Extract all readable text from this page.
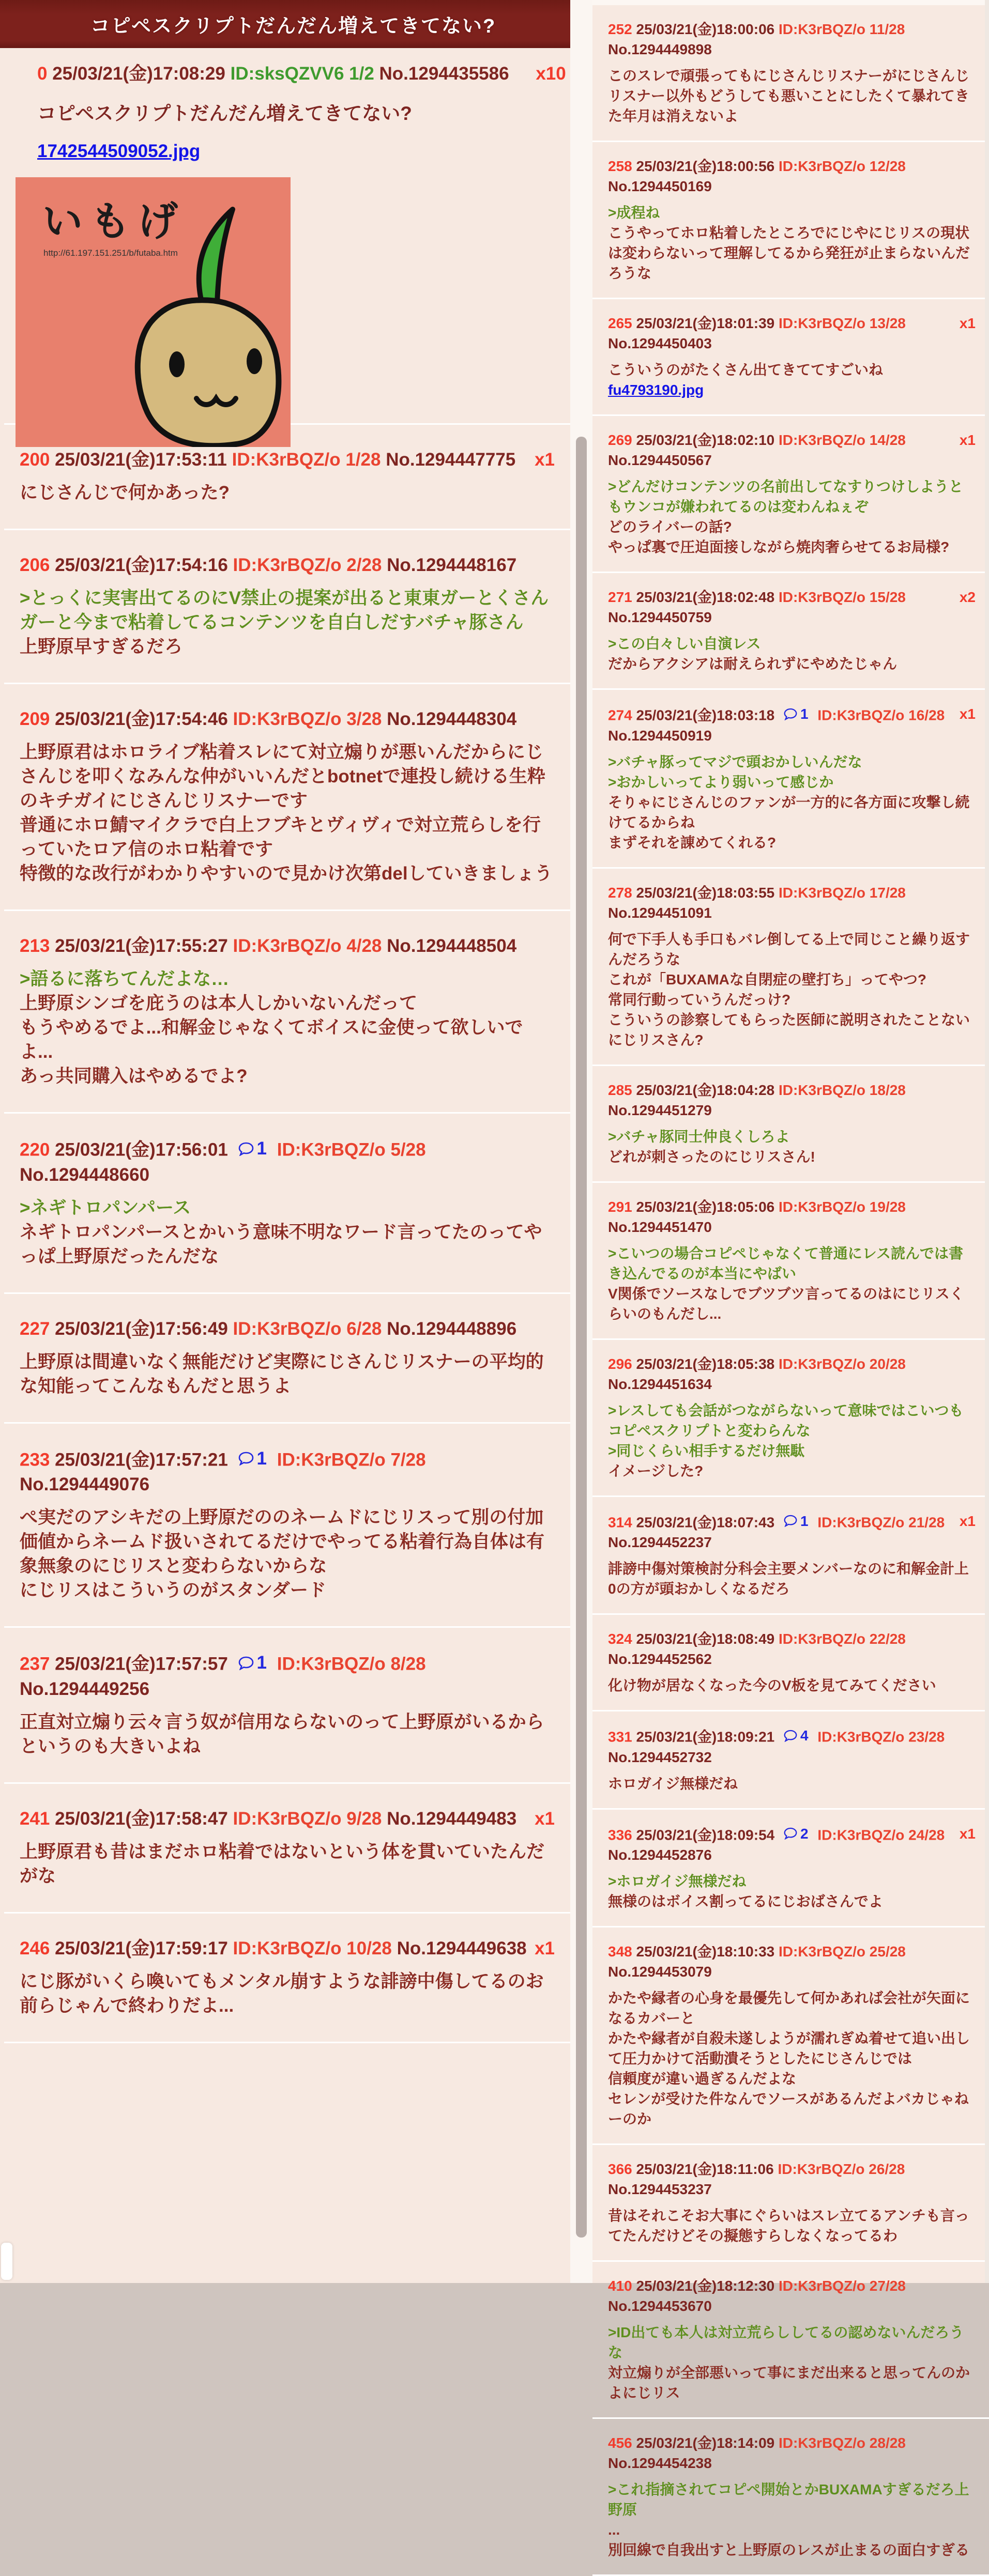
コピペスクリプトだんだん増えてきてない?
0 25/03/21(金)17:08:29 ID:sksQZVV6 1/2 No.1294435586 x10
コピペスクリプトだんだん増えてきてない?
1742544509052.jpg
いもげ
http://61.197.151.251/b/futaba.htm
x1
200 25/03/21(金)17:53:11 ID:K3rBQZ/o 1/28 No.1294447775
にじさんじで何かあった?
206 25/03/21(金)17:54:16 ID:K3rBQZ/o 2/28 No.1294448167
>とっくに実害出てるのにV禁止の提案が出ると東東ガーとくさんガーと今まで粘着してるコンテンツを自白しだすバチャ豚さん
上野原早すぎるだろ
209 25/03/21(金)17:54:46 ID:K3rBQZ/o 3/28 No.1294448304
上野原君はホロライブ粘着スレにて対立煽りが悪いんだからにじさんじを叩くなみんな仲がいいんだとbotnetで連投し続ける生粋のキチガイにじさんじリスナーです
普通にホロ鯖マイクラで白上フブキとヴィヴィで対立荒らしを行っていたロア信のホロ粘着です
特徴的な改行がわかりやすいので見かけ次第delしていきましょう
213 25/03/21(金)17:55:27 ID:K3rBQZ/o 4/28 No.1294448504
>語るに落ちてんだよな…
上野原シンゴを庇うのは本人しかいないんだって
もうやめるでよ...和解金じゃなくてボイスに金使って欲しいでよ...
あっ共同購入はやめるでよ?
220 25/03/21(金)17:56:01 1 ID:K3rBQZ/o 5/28 No.1294448660
>ネギトロパンパース
ネギトロパンパースとかいう意味不明なワード言ってたのってやっぱ上野原だったんだな
227 25/03/21(金)17:56:49 ID:K3rBQZ/o 6/28 No.1294448896
上野原は間違いなく無能だけど実際にじさんじリスナーの平均的な知能ってこんなもんだと思うよ
233 25/03/21(金)17:57:21 1 ID:K3rBQZ/o 7/28 No.1294449076
ぺ実だのアシキだの上野原だののネームドにじリスって別の付加価値からネームド扱いされてるだけでやってる粘着行為自体は有象無象のにじリスと変わらないからな
にじリスはこういうのがスタンダード
237 25/03/21(金)17:57:57 1 ID:K3rBQZ/o 8/28 No.1294449256
正直対立煽り云々言う奴が信用ならないのって上野原がいるからというのも大きいよね
x1
241 25/03/21(金)17:58:47 ID:K3rBQZ/o 9/28 No.1294449483
上野原君も昔はまだホロ粘着ではないという体を貫いていたんだがな
x1
246 25/03/21(金)17:59:17 ID:K3rBQZ/o 10/28 No.1294449638
にじ豚がいくら喚いてもメンタル崩すような誹謗中傷してるのお前らじゃんで終わりだよ...
252 25/03/21(金)18:00:06 ID:K3rBQZ/o 11/28 No.1294449898
このスレで頑張ってもにじさんじリスナーがにじさんじリスナー以外もどうしても悪いことにしたくて暴れてきた年月は消えないよ
258 25/03/21(金)18:00:56 ID:K3rBQZ/o 12/28 No.1294450169
>成程ね
こうやってホロ粘着したところでにじやにじリスの現状は変わらないって理解してるから発狂が止まらないんだろうな
x1
265 25/03/21(金)18:01:39 ID:K3rBQZ/o 13/28 No.1294450403
こういうのがたくさん出てきててすごいね
fu4793190.jpg
x1
269 25/03/21(金)18:02:10 ID:K3rBQZ/o 14/28 No.1294450567
>どんだけコンテンツの名前出してなすりつけしようともウンコが嫌われてるのは変わんねぇぞ
どのライバーの話?
やっぱ裏で圧迫面接しながら焼肉奢らせてるお局様?
x2
271 25/03/21(金)18:02:48 ID:K3rBQZ/o 15/28 No.1294450759
>この白々しい自演レス
だからアクシアは耐えられずにやめたじゃん
x1
274 25/03/21(金)18:03:18 1 ID:K3rBQZ/o 16/28 No.1294450919
>バチャ豚ってマジで頭おかしいんだな
>おかしいってより弱いって感じか
そりゃにじさんじのファンが一方的に各方面に攻撃し続けてるからね
まずそれを諌めてくれる?
278 25/03/21(金)18:03:55 ID:K3rBQZ/o 17/28 No.1294451091
何で下手人も手口もバレ倒してる上で同じこと繰り返すんだろうな
これが「BUXAMAな自閉症の壁打ち」ってやつ?
常同行動っていうんだっけ?
こういうの診察してもらった医師に説明されたことないにじリスさん?
285 25/03/21(金)18:04:28 ID:K3rBQZ/o 18/28 No.1294451279
>バチャ豚同士仲良くしろよ
どれが刺さったのにじリスさん!
291 25/03/21(金)18:05:06 ID:K3rBQZ/o 19/28 No.1294451470
>こいつの場合コピペじゃなくて普通にレス読んでは書き込んでるのが本当にやばい
V関係でソースなしでブツブツ言ってるのはにじリスくらいのもんだし...
296 25/03/21(金)18:05:38 ID:K3rBQZ/o 20/28 No.1294451634
>レスしても会話がつながらないって意味ではこいつもコピペスクリプトと変わらんな
>同じくらい相手するだけ無駄
イメージした?
x1
314 25/03/21(金)18:07:43 1 ID:K3rBQZ/o 21/28 No.1294452237
誹謗中傷対策検討分科会主要メンバーなのに和解金計上0の方が頭おかしくなるだろ
324 25/03/21(金)18:08:49 ID:K3rBQZ/o 22/28 No.1294452562
化け物が居なくなった今のV板を見てみてください
331 25/03/21(金)18:09:21 4 ID:K3rBQZ/o 23/28 No.1294452732
ホロガイジ無様だね
x1
336 25/03/21(金)18:09:54 2 ID:K3rBQZ/o 24/28 No.1294452876
>ホロガイジ無様だね
無様のはボイス割ってるにじおばさんでよ
348 25/03/21(金)18:10:33 ID:K3rBQZ/o 25/28 No.1294453079
かたや縁者の心身を最優先して何かあれば会社が矢面になるカバーと
かたや縁者が自殺未遂しようが濡れぎぬ着せて追い出して圧力かけて活動潰そうとしたにじさんじでは
信頼度が違い過ぎるんだよな
セレンが受けた件なんでソースがあるんだよバカじゃねーのか
366 25/03/21(金)18:11:06 ID:K3rBQZ/o 26/28 No.1294453237
昔はそれこそお大事にぐらいはスレ立てるアンチも言ってたんだけどその擬態すらしなくなってるわ
410 25/03/21(金)18:12:30 ID:K3rBQZ/o 27/28 No.1294453670
>ID出ても本人は対立荒らししてるの認めないんだろうな
対立煽りが全部悪いって事にまだ出来ると思ってんのかよにじリス
456 25/03/21(金)18:14:09 ID:K3rBQZ/o 28/28 No.1294454238
>これ指摘されてコピペ開始とかBUXAMAすぎるだろ上野原
...
別回線で自我出すと上野原のレスが止まるの面白すぎる
